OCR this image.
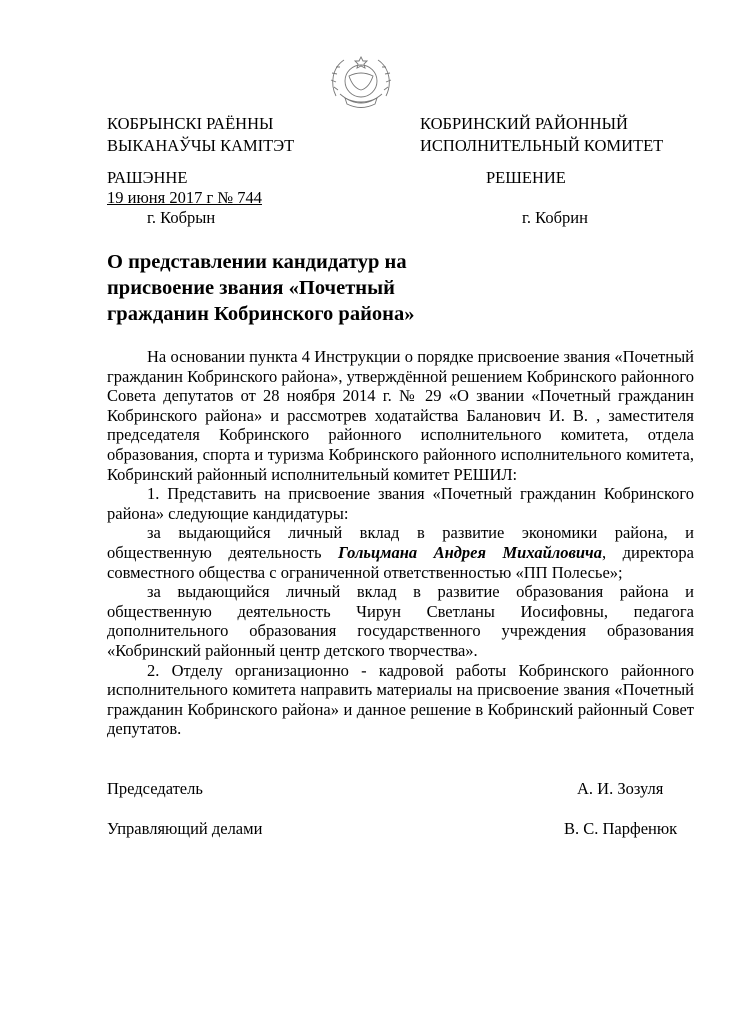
КОБРЫНСКІ РАЁННЫ
ВЫКАНАЎЧЫ КАМІТЭТ
КОБРИНСКИЙ РАЙОННЫЙ
ИСПОЛНИТЕЛЬНЫЙ КОМИТЕТ
РАШЭННЕ	РЕШЕНИЕ
19 июня 2017 г № 744
г. Кобрын	г. Кобрин
О представлении кандидатур на
присвоение звания «Почетный
гражданин Кобринского района»

На основании пункта 4 Инструкции о порядке присвоение звания «Почетный гражданин Кобринского района», утверждённой решением Кобринского районного Совета депутатов от 28 ноября 2014 г. № 29 «О звании «Почетный гражданин Кобринского района» и рассмотрев ходатайства Баланович И. В. , заместителя председателя Кобринского районного исполнительного комитета, отдела образования, спорта и туризма Кобринского районного исполнительного комитета, Кобринский районный исполнительный комитет РЕШИЛ:

1. Представить на присвоение звания «Почетный гражданин Кобринского района» следующие кандидатуры:

за выдающийся личный вклад в развитие экономики района, и общественную деятельность Гольцмана Андрея Михайловича, директора совместного общества с ограниченной ответственностью «ПП Полесье»;

за выдающийся личный вклад в развитие образования района и общественную деятельность Чирун Светланы Иосифовны, педагога дополнительного образования государственного учреждения образования «Кобринский районный центр детского творчества».

2. Отделу организационно - кадровой работы Кобринского районного исполнительного комитета направить материалы на присвоение звания «Почетный гражданин Кобринского района» и данное решение в Кобринский районный Совет депутатов.

Председатель	А. И. Зозуля
Управляющий делами	В. С. Парфенюк
